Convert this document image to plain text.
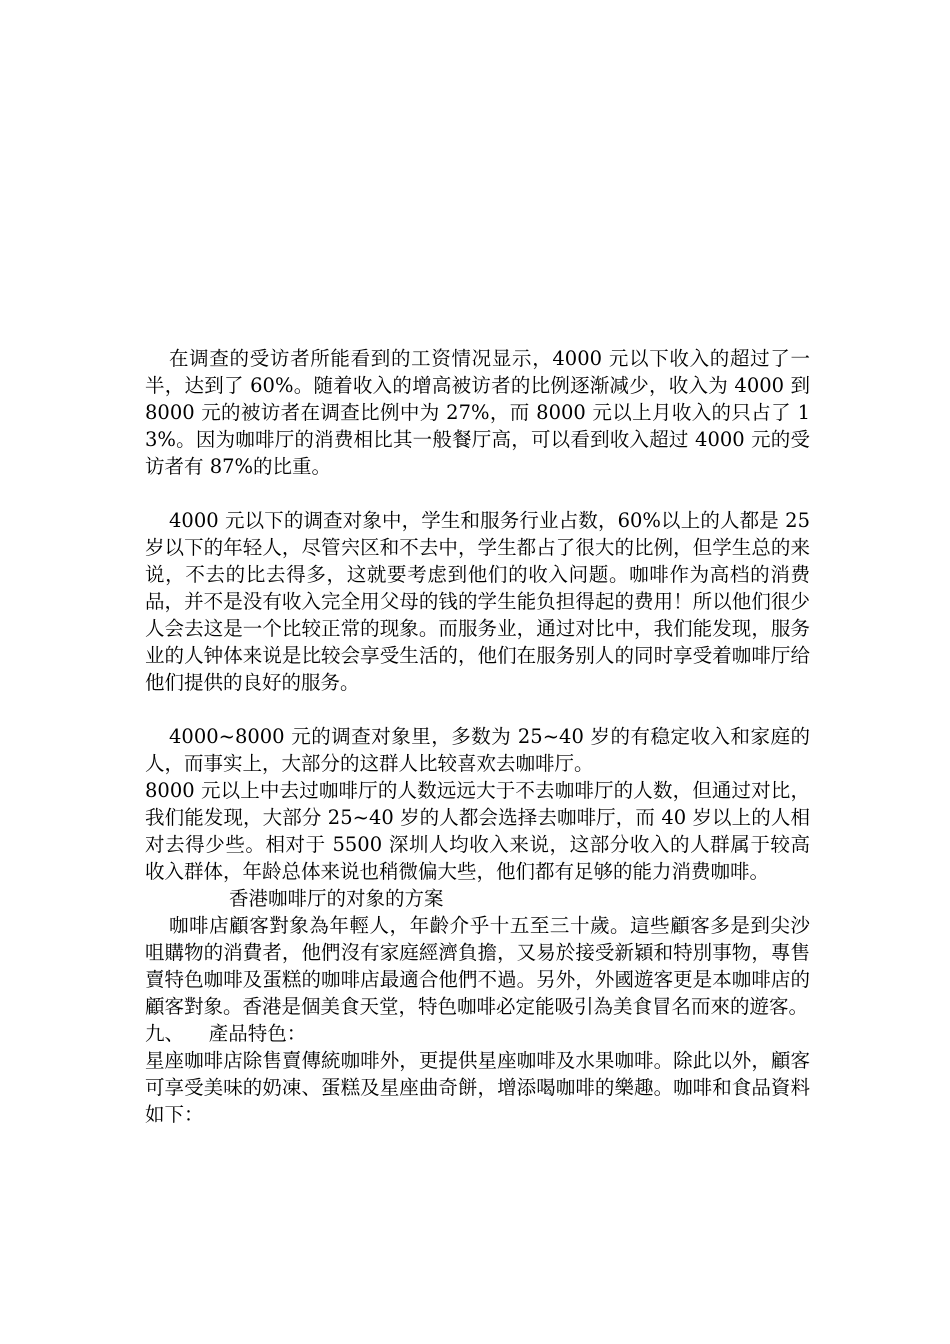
在调查的受访者所能看到的工资情况显示，4000 元以下收入的超过了一半，达到了 60%。随着收入的增高被访者的比例逐渐减少，收入为 4000 到 8000 元的被访者在调查比例中为 27%，而 8000 元以上月收入的只占了 13%。因为咖啡厅的消费相比其一般餐厅高，可以看到收入超过 4000 元的受访者有 87%的比重。

4000 元以下的调查对象中，学生和服务行业占数，60%以上的人都是 25 岁以下的年轻人，尽管宍区和不去中，学生都占了很大的比例，但学生总的来说，不去的比去得多，这就要考虑到他们的收入问题。咖啡作为高档的消费品，并不是没有收入完全用父母的钱的学生能负担得起的费用！所以他们很少人会去这是一个比较正常的现象。而服务业，通过对比中，我们能发现，服务业的人钟体来说是比较会享受生活的，他们在服务别人的同时享受着咖啡厅给他们提供的良好的服务。

4000~8000 元的调查对象里，多数为 25~40 岁的有稳定收入和家庭的人，而事实上，大部分的这群人比较喜欢去咖啡厅。

8000 元以上中去过咖啡厅的人数远远大于不去咖啡厅的人数，但通过对比，我们能发现，大部分 25~40 岁的人都会选择去咖啡厅，而 40 岁以上的人相对去得少些。相对于 5500 深圳人均收入来说，这部分收入的人群属于较高收入群体，年龄总体来说也稍微偏大些，他们都有足够的能力消费咖啡。

香港咖啡厅的对象的方案

咖啡店顧客對象為年輕人，年齡介乎十五至三十歲。這些顧客多是到尖沙咀購物的消費者，他們沒有家庭經濟負擔，又易於接受新穎和特別事物，專售賣特色咖啡及蛋糕的咖啡店最適合他們不過。另外，外國遊客更是本咖啡店的顧客對象。香港是個美食天堂，特色咖啡必定能吸引為美食冒名而來的遊客。

九、    產品特色：

星座咖啡店除售賣傳統咖啡外，更提供星座咖啡及水果咖啡。除此以外，顧客可享受美味的奶凍、蛋糕及星座曲奇餅，增添喝咖啡的樂趣。咖啡和食品資料如下：
